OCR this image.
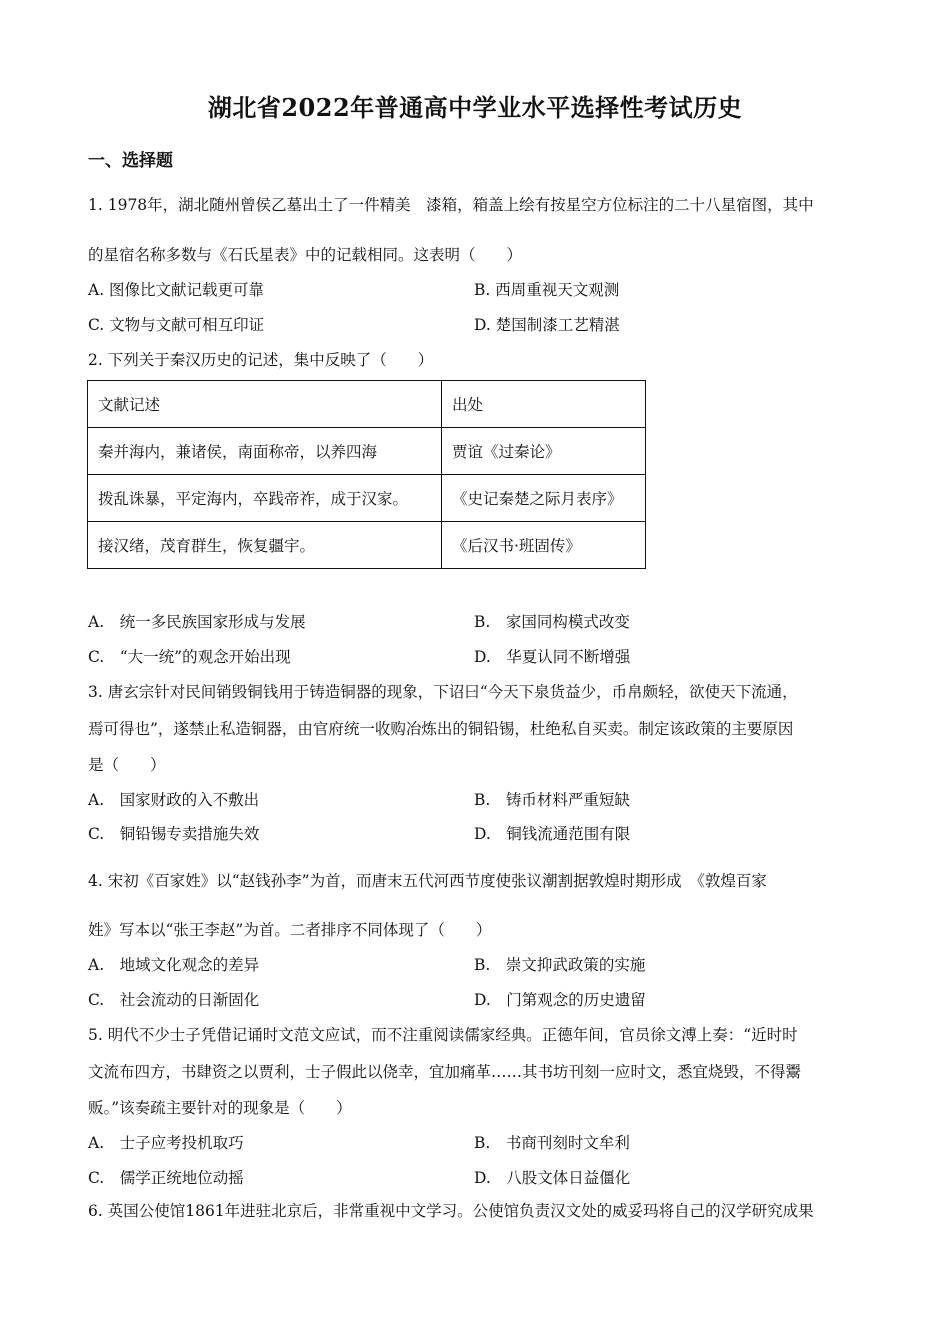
湖北省2022年普通高中学业水平选择性考试历史
一、选择题
1. 1978年，湖北随州曾侯乙墓出土了一件精美　漆箱，箱盖上绘有按星空方位标注的二十八星宿图，其中
的星宿名称多数与《石氏星表》中的记载相同。这表明（　　）
A. 图像比文献记载更可靠	B. 西周重视天文观测
C. 文物与文献可相互印证	D. 楚国制漆工艺精湛
2. 下列关于秦汉历史的记述，集中反映了（　　）
文献记述	出处
秦并海内，兼诸侯，南面称帝，以养四海	贾谊《过秦论》
拨乱诛暴，平定海内，卒践帝祚，成于汉家。	《史记秦楚之际月表序》
接汉绪，茂育群生，恢复疆宇。	《后汉书·班固传》
A.　统一多民族国家形成与发展	B.　家国同构模式改变
C.　“大一统”的观念开始出现	D.　华夏认同不断增强
3. 唐玄宗针对民间销毁铜钱用于铸造铜器的现象，下诏曰“今天下泉货益少，币帛颇轻，欲使天下流通，
焉可得也”，遂禁止私造铜器，由官府统一收购冶炼出的铜铅锡，杜绝私自买卖。制定该政策的主要原因
是（　　）
A.　国家财政的入不敷出	B.　铸币材料严重短缺
C.　铜铅锡专卖措施失效	D.　铜钱流通范围有限
4. 宋初《百家姓》以“赵钱孙李”为首，而唐末五代河西节度使张议潮割据敦煌时期形成　《敦煌百家
姓》写本以“张王李赵”为首。二者排序不同体现了（　　）
A.　地域文化观念的差异	B.　崇文抑武政策的实施
C.　社会流动的日渐固化	D.　门第观念的历史遗留
5. 明代不少士子凭借记诵时文范文应试，而不注重阅读儒家经典。正德年间，官员徐文溥上奏：“近时时
文流布四方，书肆资之以贾利，士子假此以侥幸，宜加痛革……其书坊刊刻一应时文，悉宜烧毁，不得鬻
贩。”该奏疏主要针对的现象是（　　）
A.　士子应考投机取巧	B.　书商刊刻时文牟利
C.　儒学正统地位动摇	D.　八股文体日益僵化
6. 英国公使馆1861年进驻北京后，非常重视中文学习。公使馆负责汉文处的威妥玛将自己的汉学研究成果
